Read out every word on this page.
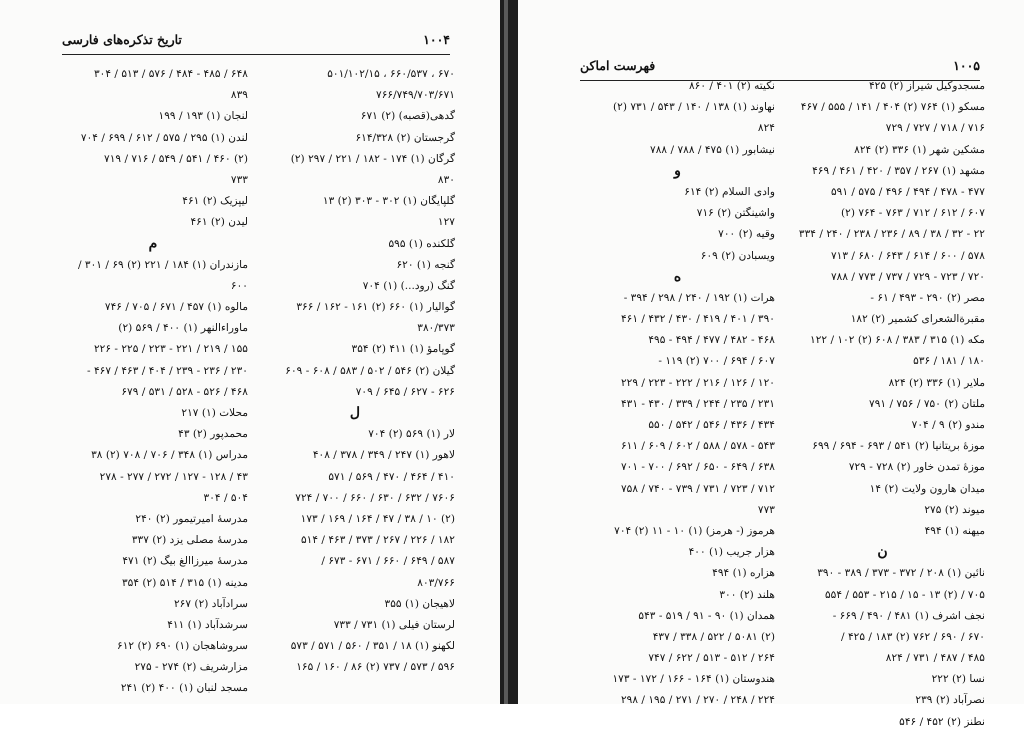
۱۰۰۴
تاریخ تذکره‌های فارسی
۶۷۰ ، ۶۶۰/۵۳۷ ، ۵۰۱/۱۰۲/۱۵
۷۶۶/۷۴۹/۷۰۳/۶۷۱
گدهی(قصبه) (۲) ۶۷۱
گرجستان (۲) ۶۱۴/۳۲۸
گرگان (۱) ۱۷۴ - ۱۸۲ / ۲۲۱ / ۲۹۷ (۲)
۸۳۰
گلپایگان (۱) ۳۰۲ - ۳۰۳ (۲) ۱۳
۱۲۷
گلکنده (۱) ۵۹۵
گنجه (۱) ۶۲۰
گنگ (رود...) (۱) ۷۰۴
گوالیار (۱) ۶۶۰ (۲) ۱۶۱ - ۱۶۲ / ۳۶۶
۳۸۰/۳۷۳
گوپامؤ (۱) ۴۱۱ (۲) ۳۵۴
گیلان (۲) ۵۴۶ / ۵۰۲ / ۵۸۳ / ۶۰۸ - ۶۰۹
۶۲۶ - ۶۲۷ / ۶۴۵ / ۷۰۹
ل
لار (۱) ۵۶۹ (۲) ۷۰۴
لاهور (۱) ۲۴۷ / ۳۴۹ / ۳۷۸ / ۴۰۸
۴۱۰ / ۴۶۴ / ۴۷۰ / ۵۶۹ / ۵۷۱
۷۶۰۶ / ۶۳۲ / ۶۳۰ / ۶۶۰ / ۷۰۰ / ۷۲۴
(۲) ۱۰ / ۳۸ / ۴۷ / ۱۶۴ / ۱۶۹ / ۱۷۳
۱۸۲ / ۲۲۶ / ۲۶۷ / ۳۷۳ / ۴۶۳ / ۵۱۴
۵۸۷ / ۶۴۹ / ۶۶۰ / ۶۷۱ - ۶۷۳ /
۸۰۳/۷۶۶
لاهیجان (۱) ۳۵۵
لرستان فیلی (۱) ۷۳۱ / ۷۳۳
لکهنو (۱) ۱۸ / ۳۵۱ / ۵۶۰ / ۵۷۱ / ۵۷۳
۵۹۶ / ۵۷۳ / ۷۳۷ (۲) ۸۶ / ۱۶۰ / ۱۶۵
۶۴۸ / ۴۸۵ - ۴۸۴ / ۵۷۶ / ۵۱۳ / ۳۰۴
۸۳۹
لنجان (۱) ۱۹۳ / ۱۹۹
لندن (۱) ۲۹۵ / ۵۷۵ / ۶۱۲ / ۶۹۹ / ۷۰۴
(۲) ۴۶۰ / ۵۴۱ / ۵۴۹ / ۷۱۶ / ۷۱۹
۷۳۳
لیپزیک (۲) ۴۶۱
لیدن (۲) ۴۶۱
م
مازندران (۱) ۱۸۴ / ۲۲۱ (۲) ۶۹ / ۳۰۱ /
۶۰۰
مالوه (۱) ۴۵۷ / ۶۷۱ / ۷۰۵ / ۷۴۶
ماوراءالنهر (۱) ۴۰۰ / ۵۶۹ (۲)
۱۵۵ / ۲۱۹ / ۲۲۱ - ۲۲۳ / ۲۲۵ - ۲۲۶
۲۳۰ / ۲۳۶ - ۲۳۹ / ۴۰۴ / ۴۶۳ / ۴۶۷ -
۴۶۸ / ۵۲۶ - ۵۲۸ / ۵۳۱ / ۶۷۹
محلات (۱) ۲۱۷
محمدپور (۲) ۴۳
مدراس (۱) ۳۴۸ / ۷۰۶ / ۷۰۸ (۲) ۳۸
۴۳ / ۱۲۸ - ۱۲۷ / ۲۷۲ / ۲۷۷ - ۲۷۸
۵۰۴ / ۳۰۴
مدرسهٔ امیرتیمور (۲) ۲۴۰
مدرسهٔ مصلی یزد (۲) ۳۳۷
مدرسهٔ میرزاالغ بیگ (۲) ۴۷۱
مدینه (۱) ۳۱۵ / ۵۱۴ (۲) ۳۵۴
سرادآباد (۲) ۲۶۷
سرشدآباد (۱) ۴۱۱
سروشاهجان (۱) ۶۹۰ (۲) ۶۱۲
مزارشریف (۲) ۲۷۴ - ۲۷۵
مسجد لنبان (۱) ۴۰۰ (۲) ۲۴۱
۱۰۰۵
فهرست اماکن
مسجدوکیل شیراز (۲) ۴۲۵
مسکو (۱) ۷۶۴ (۲) ۴۰۴ / ۱۴۱ / ۵۵۵ / ۴۶۷
۷۱۶ / ۷۱۸ / ۷۲۷ / ۷۲۹
مشکین شهر (۱) ۳۳۶ (۲) ۸۲۴
مشهد (۱) ۲۶۷ / ۳۵۷ / ۴۲۰ / ۴۶۱ / ۴۶۹
۴۷۷ - ۴۷۸ / ۴۹۴ / ۴۹۶ / ۵۷۵ / ۵۹۱
۶۰۷ / ۶۱۲ / ۷۱۲ / ۷۶۳ - ۷۶۴ (۲)
۲۲ - ۳۲ / ۳۸ / ۸۹ / ۲۳۶ / ۲۳۸ / ۲۴۰ / ۳۳۴
۵۷۸ / ۶۰۰ / ۶۱۴ / ۶۴۳ / ۶۸۰ / ۷۱۳
۷۲۰ / ۷۲۳ - ۷۲۹ / ۷۳۷ / ۷۷۳ / ۷۸۸
مصر (۲) ۲۹۰ - ۴۹۳ / ۶۱ -
مقبرةالشعرای کشمیر (۲) ۱۸۲
مکه (۱) ۳۱۵ / ۳۸۳ / ۶۰۸ (۲) ۱۰۲ / ۱۲۲
۱۸۰ / ۱۸۱ / ۵۳۶
ملایر (۱) ۳۳۶ (۲) ۸۲۴
ملتان (۲) ۷۵۰ / ۷۵۶ / ۷۹۱
مندو (۲) ۹ / ۷۰۴
موزهٔ بریتانیا (۲) ۵۴۱ / ۶۹۳ - ۶۹۴ / ۶۹۹
موزهٔ تمدن خاور (۲) ۷۲۸ - ۷۲۹
میدان هارون ولایت (۲) ۱۴
میوند (۲) ۲۷۵
میهنه (۱) ۴۹۴
ن
نائین (۱) ۲۰۸ / ۳۷۲ - ۳۷۳ / ۳۸۹ - ۳۹۰
۷۰۵ / (۲) ۱۳ - ۱۵ / ۲۱۵ - ۵۵۳ / ۵۵۴
نجف اشرف (۱) ۴۸۱ / ۴۹۰ / ۶۶۹ -
۶۷۰ / ۶۹۰ / ۷۶۲ (۲) ۱۸۳ / ۴۲۵ /
۴۸۵ / ۴۸۷ / ۷۳۱ / ۸۲۴
نسا (۲) ۲۲۲
نصرآباد (۲) ۲۳۹
نطنز (۲) ۴۵۲ / ۵۴۶
نکیته (۲) ۴۰۱ / ۸۶۰
نهاوند (۱) ۱۳۸ / ۱۴۰ / ۵۴۳ / ۷۳۱ (۲)
۸۲۴
نیشابور (۱) ۴۷۵ / ۷۸۸ / ۷۸۸
و
وادی السلام (۲) ۶۱۴
واشینگتن (۲) ۷۱۶
وقیه (۲) ۷۰۰
ویسبادن (۲) ۶۰۹
ه
هرات (۱) ۱۹۲ / ۲۴۰ / ۲۹۸ / ۳۹۴ -
۳۹۰ / ۴۰۱ / ۴۱۹ / ۴۳۰ / ۴۳۲ / ۴۶۱
۴۶۸ - ۴۸۲ / ۴۷۷ / ۴۹۴ - ۴۹۵
۶۰۷ / ۶۹۴ / ۷۰۰ (۲) ۱۱۹ -
۱۲۰ / ۱۲۶ / ۲۱۶ / ۲۲۲ - ۲۲۳ / ۲۲۹
۲۳۱ / ۲۳۵ / ۲۴۴ / ۳۳۹ / ۴۳۰ - ۴۳۱
۴۳۴ / ۴۳۶ / ۵۴۶ / ۵۴۲ / ۵۵۰
۵۴۳ - ۵۷۸ / ۵۸۸ / ۶۰۲ / ۶۰۹ / ۶۱۱
۶۳۸ / ۶۴۹ - ۶۵۰ / ۶۹۲ / ۷۰۰ - ۷۰۱
۷۱۲ / ۷۲۳ / ۷۳۱ / ۷۳۹ - ۷۴۰ / ۷۵۸
۷۷۳
هرموز (- هرمز) (۱) ۱۰ - ۱۱ (۲) ۷۰۴
هزار جریب (۱) ۴۰۰
هزاره (۱) ۴۹۴
هلند (۲) ۳۰۰
همدان (۱) ۹۰ - ۹۱ / ۵۱۹ - ۵۴۳
(۲) ۵۰۸۱ / ۵۲۲ / ۳۳۸ / ۴۳۷
۲۶۴ / ۵۱۲ - ۵۱۳ / ۶۲۲ / ۷۴۷
هندوستان (۱) ۱۶۴ - ۱۶۶ / ۱۷۲ - ۱۷۳
۲۲۴ / ۲۴۸ / ۲۷۰ / ۲۷۱ / ۱۹۵ / ۲۹۸
